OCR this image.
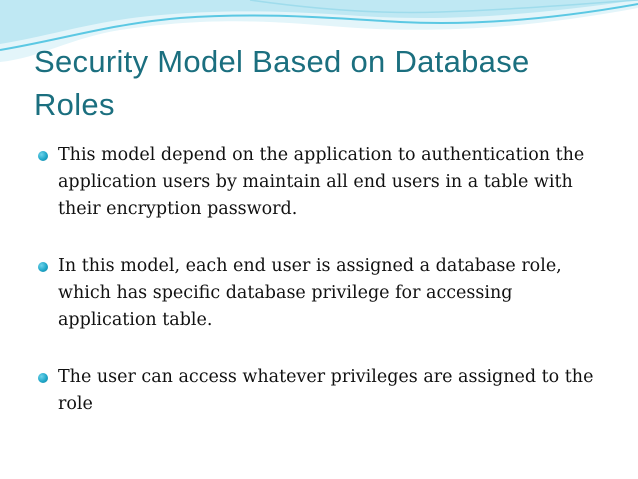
Security Model Based on Database Roles
This model depend on the application to authentication the application users by maintain all end users in a table with their encryption password.
In this model, each end user is assigned a database role, which has specific database privilege for accessing application table.
The user can access whatever privileges are assigned to the role
